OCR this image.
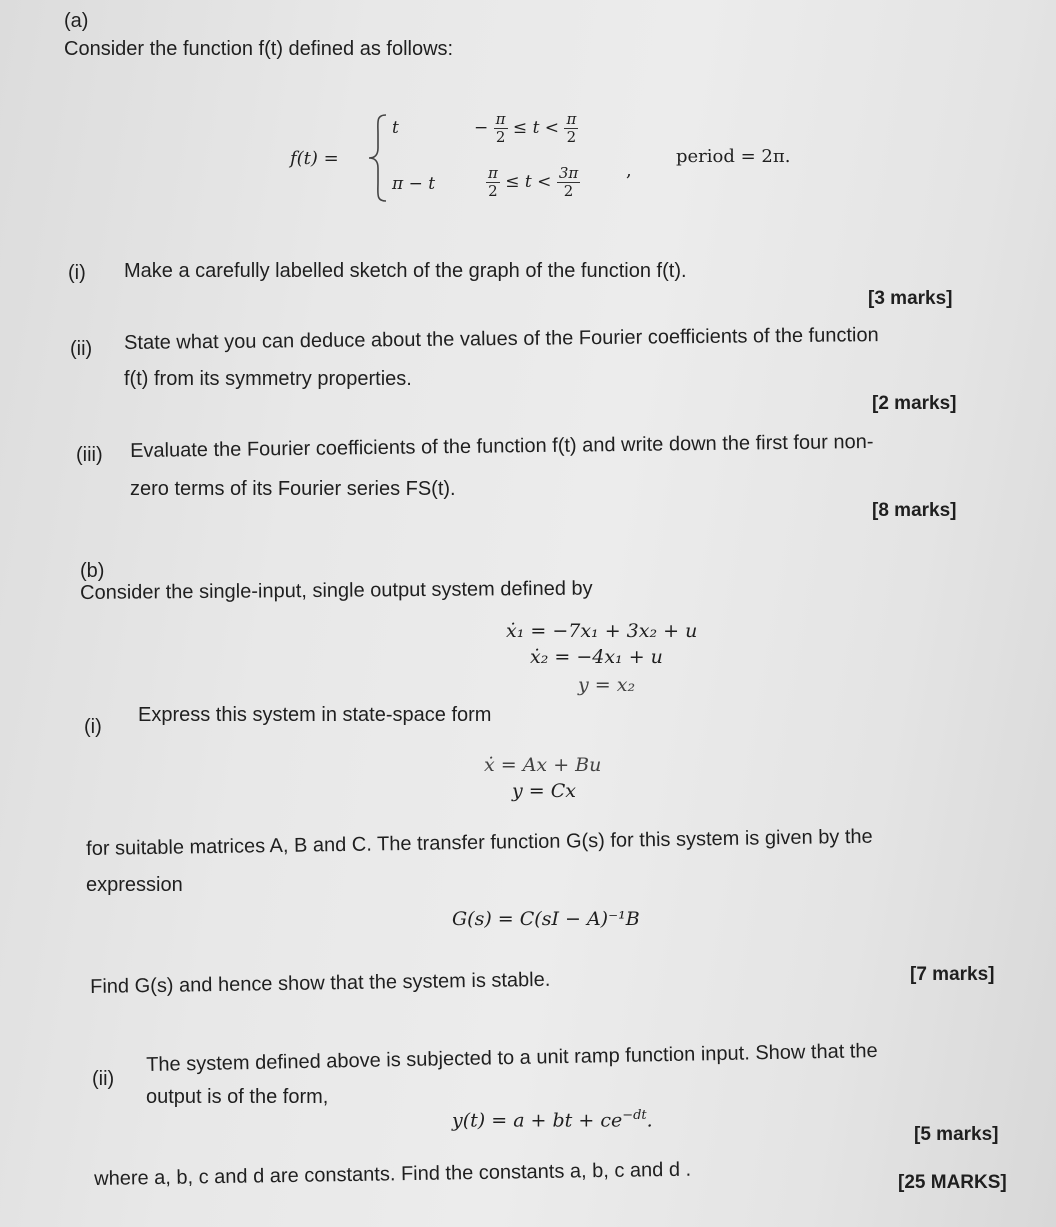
(a)
Consider the function f(t) defined as follows:
f(t) =
t
π − t
− $\frac{\pi}{2} \le t < \frac{\pi}{2}$
$\frac{\pi}{2} \le t < \frac{3\pi}{2}$	,
period = 2π.
(i) Make a carefully labelled sketch of the graph of the function f(t).
[3 marks]
(ii) State what you can deduce about the values of the Fourier coefficients of the function
f(t) from its symmetry properties.
[2 marks]
(iii) Evaluate the Fourier coefficients of the function f(t) and write down the first four non-
zero terms of its Fourier series FS(t).
[8 marks]
(b)
Consider the single-input, single output system defined by
ẋ₁ = −7x₁ + 3x₂ + u
ẋ₂ = −4x₁ + u
y = x₂
(i)
Express this system in state-space form
ẋ = Ax + Bu
y = Cx
for suitable matrices A, B and C. The transfer function G(s) for this system is given by the
expression
G(s) = C(sI − A)⁻¹B
Find G(s) and hence show that the system is stable.	[7 marks]
(ii)
The system defined above is subjected to a unit ramp function input. Show that the
output is of the form,
y(t) = a + bt + $ce^{-dt}$.
where a, b, c and d are constants. Find the constants a, b, c and d .
[5 marks]
[25 MARKS]
